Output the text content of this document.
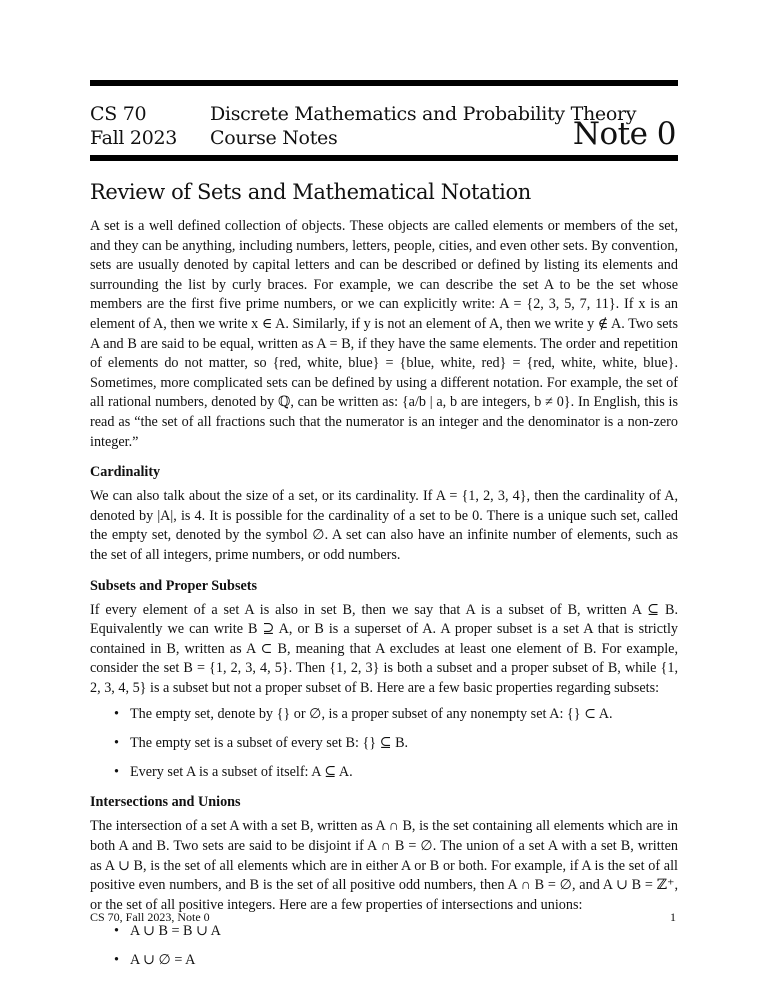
CS 70
Fall 2023
Discrete Mathematics and Probability Theory
Course Notes	Note 0
Review of Sets and Mathematical Notation

A set is a well defined collection of objects. These objects are called elements or members of the set, and they can be anything, including numbers, letters, people, cities, and even other sets. By convention, sets are usually denoted by capital letters and can be described or defined by listing its elements and surrounding the list by curly braces. For example, we can describe the set A to be the set whose members are the first five prime numbers, or we can explicitly write: A = {2, 3, 5, 7, 11}. If x is an element of A, then we write x ∈ A. Similarly, if y is not an element of A, then we write y ∉ A. Two sets A and B are said to be equal, written as A = B, if they have the same elements. The order and repetition of elements do not matter, so {red, white, blue} = {blue, white, red} = {red, white, white, blue}. Sometimes, more complicated sets can be defined by using a different notation. For example, the set of all rational numbers, denoted by ℚ, can be written as: {a/b | a, b are integers, b ≠ 0}. In English, this is read as “the set of all fractions such that the numerator is an integer and the denominator is a non-zero integer.”

Cardinality

We can also talk about the size of a set, or its cardinality. If A = {1, 2, 3, 4}, then the cardinality of A, denoted by |A|, is 4. It is possible for the cardinality of a set to be 0. There is a unique such set, called the empty set, denoted by the symbol ∅. A set can also have an infinite number of elements, such as the set of all integers, prime numbers, or odd numbers.

Subsets and Proper Subsets

If every element of a set A is also in set B, then we say that A is a subset of B, written A ⊆ B. Equivalently we can write B ⊇ A, or B is a superset of A. A proper subset is a set A that is strictly contained in B, written as A ⊂ B, meaning that A excludes at least one element of B. For example, consider the set B = {1, 2, 3, 4, 5}. Then {1, 2, 3} is both a subset and a proper subset of B, while {1, 2, 3, 4, 5} is a subset but not a proper subset of B. Here are a few basic properties regarding subsets:

• The empty set, denote by {} or ∅, is a proper subset of any nonempty set A: {} ⊂ A.
• The empty set is a subset of every set B: {} ⊆ B.
• Every set A is a subset of itself: A ⊆ A.
Intersections and Unions

The intersection of a set A with a set B, written as A ∩ B, is the set containing all elements which are in both A and B. Two sets are said to be disjoint if A ∩ B = ∅. The union of a set A with a set B, written as A ∪ B, is the set of all elements which are in either A or B or both. For example, if A is the set of all positive even numbers, and B is the set of all positive odd numbers, then A ∩ B = ∅, and A ∪ B = ℤ⁺, or the set of all positive integers. Here are a few properties of intersections and unions:

• A ∪ B = B ∪ A
• A ∪ ∅ = A
CS 70, Fall 2023, Note 0	1
